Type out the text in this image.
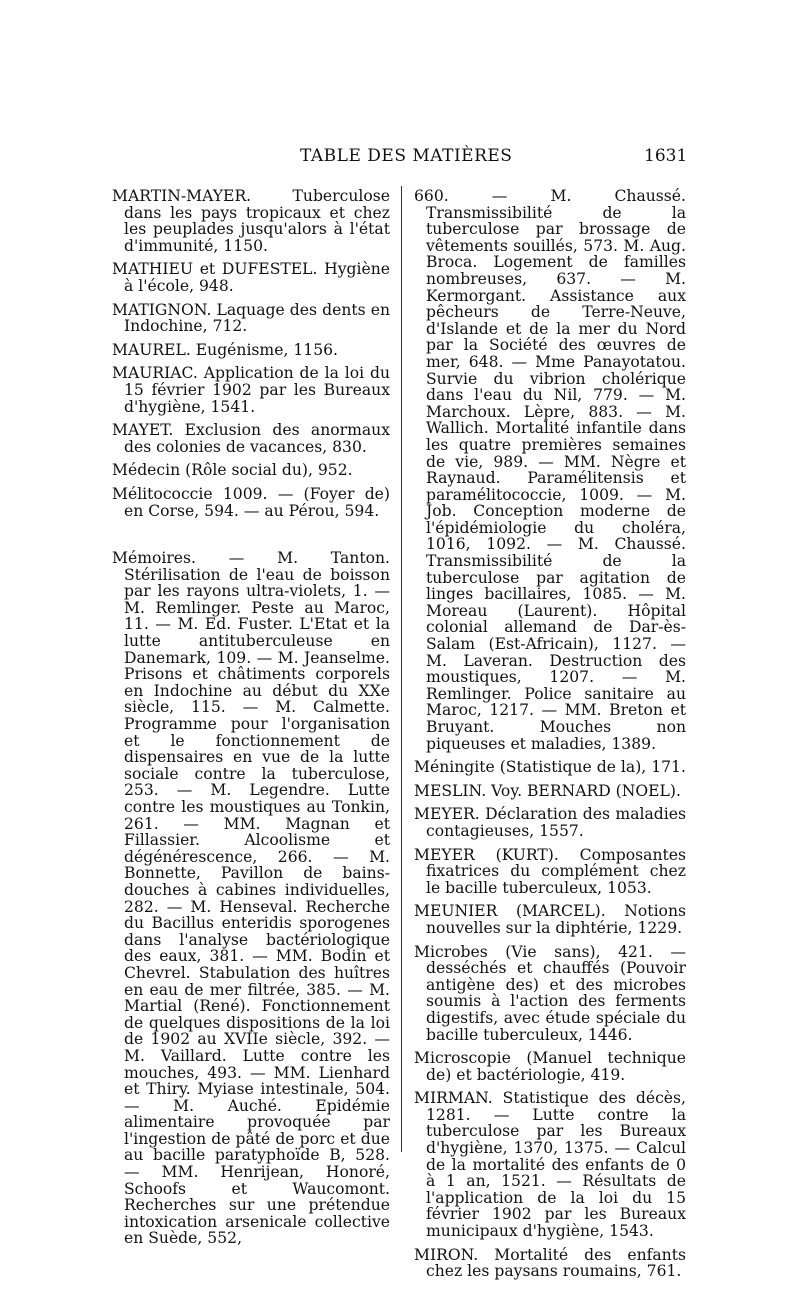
TABLE DES MATIÈRES	1631

MARTIN-MAYER. Tuberculose dans les pays tropicaux et chez les peuplades jusqu'alors à l'état d'immunité, 1150.

MATHIEU et DUFESTEL. Hygiène à l'école, 948.

MATIGNON. Laquage des dents en Indochine, 712.

MAUREL. Eugénisme, 1156.

MAURIAC. Application de la loi du 15 février 1902 par les Bureaux d'hygiène, 1541.

MAYET. Exclusion des anormaux des colonies de vacances, 830.

Médecin (Rôle social du), 952.

Mélitococcie 1009. — (Foyer de) en Corse, 594. — au Pérou, 594.

Mémoires. — M. Tanton. Stérilisation de l'eau de boisson par les rayons ultra-violets, 1. — M. Remlinger. Peste au Maroc, 11. — M. Ed. Fuster. L'Etat et la lutte antituberculeuse en Danemark, 109. — M. Jeanselme. Prisons et châtiments corporels en Indochine au début du XXe siècle, 115. — M. Calmette. Programme pour l'organisation et le fonctionnement de dispensaires en vue de la lutte sociale contre la tuberculose, 253. — M. Legendre. Lutte contre les moustiques au Tonkin, 261. — MM. Magnan et Fillassier. Alcoolisme et dégénérescence, 266. — M. Bonnette, Pavillon de bains-douches à cabines individuelles, 282. — M. Henseval. Recherche du Bacillus enteridis sporogenes dans l'analyse bactériologique des eaux, 381. — MM. Bodin et Chevrel. Stabulation des huîtres en eau de mer filtrée, 385. — M. Martial (René). Fonctionnement de quelques dispositions de la loi de 1902 au XVIIe siècle, 392. — M. Vaillard. Lutte contre les mouches, 493. — MM. Lienhard et Thiry. Myiase intestinale, 504. — M. Auché. Epidémie alimentaire provoquée par l'ingestion de pâté de porc et due au bacille paratyphoïde B, 528. — MM. Henrijean, Honoré, Schoofs et Waucomont. Recherches sur une prétendue intoxication arsenicale collective en Suède, 552,

660. — M. Chaussé. Transmissibilité de la tuberculose par brossage de vêtements souillés, 573. M. Aug. Broca. Logement de familles nombreuses, 637. — M. Kermorgant. Assistance aux pêcheurs de Terre-Neuve, d'Islande et de la mer du Nord par la Société des œuvres de mer, 648. — Mme Panayotatou. Survie du vibrion cholérique dans l'eau du Nil, 779. — M. Marchoux. Lèpre, 883. — M. Wallich. Mortalité infantile dans les quatre premières semaines de vie, 989. — MM. Nègre et Raynaud. Paramélitensis et paramélitococcie, 1009. — M. Job. Conception moderne de l'épidémiologie du choléra, 1016, 1092. — M. Chaussé. Transmissibilité de la tuberculose par agitation de linges bacillaires, 1085. — M. Moreau (Laurent). Hôpital colonial allemand de Dar-ès-Salam (Est-Africain), 1127. — M. Laveran. Destruction des moustiques, 1207. — M. Remlinger. Police sanitaire au Maroc, 1217. — MM. Breton et Bruyant. Mouches non piqueuses et maladies, 1389.

Méningite (Statistique de la), 171.

MESLIN. Voy. BERNARD (NOEL).

MEYER. Déclaration des maladies contagieuses, 1557.

MEYER (KURT). Composantes fixatrices du complément chez le bacille tuberculeux, 1053.

MEUNIER (MARCEL). Notions nouvelles sur la diphtérie, 1229.

Microbes (Vie sans), 421. — desséchés et chauffés (Pouvoir antigène des) et des microbes soumis à l'action des ferments digestifs, avec étude spéciale du bacille tuberculeux, 1446.

Microscopie (Manuel technique de) et bactériologie, 419.

MIRMAN. Statistique des décès, 1281. — Lutte contre la tuberculose par les Bureaux d'hygiène, 1370, 1375. — Calcul de la mortalité des enfants de 0 à 1 an, 1521. — Résultats de l'application de la loi du 15 février 1902 par les Bureaux municipaux d'hygiène, 1543.

MIRON. Mortalité des enfants chez les paysans roumains, 761.
